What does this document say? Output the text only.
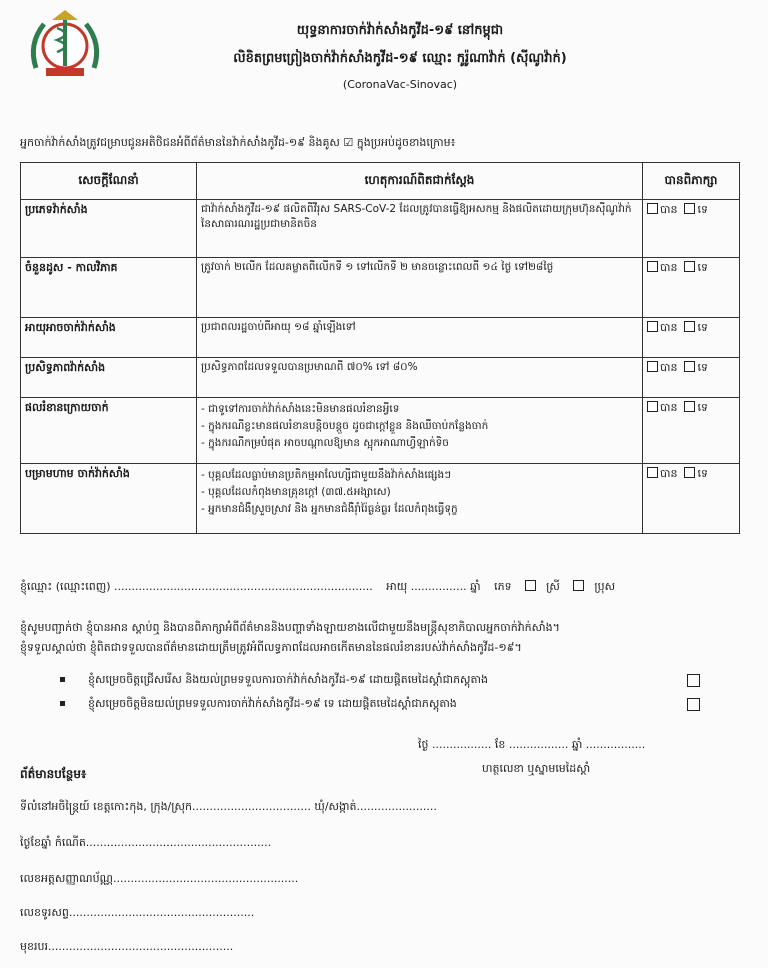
យុទ្ធនាការចាក់វ៉ាក់សាំងកូវីដ-១៩ នៅកម្ពុជា
លិខិតព្រមព្រៀងចាក់វ៉ាក់សាំងកូវីដ-១៩ ឈ្មោះ កូរ៉ូណាវ៉ាក់ (ស៊ីណូវ៉ាក់)
(CoronaVac-Sinovac)
អ្នកចាក់វ៉ាក់សាំងត្រូវជម្រាបជូនអតិថិជនអំពីព័ត៌មាននៃវ៉ាក់សាំងកូវីដ-១៩ និងគូស ☑ ក្នុងប្រអប់ដូចខាងក្រោម៖
សេចក្តីណែនាំ	ហេតុការណ៍ពិតជាក់ស្តែង	បានពិភាក្សា
ប្រភេទវ៉ាក់សាំង	ជាវ៉ាក់សាំងកូវីដ-១៩ ផលិតពីវីរុស SARS-CoV-2 ដែលត្រូវបានធ្វើឱ្យអសកម្ម និងផលិតដោយក្រុមហ៊ុនស៊ីណូវ៉ាក់ នៃសាធារណរដ្ឋប្រជាមានិតចិន	បាន ទេ
ចំនួនដូស - កាលវិភាគ	ត្រូវចាក់ ២លើក ដែលគម្លាតពីលើកទី ១ ទៅលើកទី ២ មានចន្លោះពេលពី ១៤ ថ្ងៃ ទៅ២៨ថ្ងៃ	បាន ទេ
អាយុអាចចាក់វ៉ាក់សាំង	ប្រជាពលរដ្ឋចាប់ពីអាយុ ១៨ ឆ្នាំឡើងទៅ	បាន ទេ
ប្រសិទ្ធភាពវ៉ាក់សាំង	ប្រសិទ្ធភាពដែលទទួលបានប្រមាណពី ៧០% ទៅ ៨០%	បាន ទេ
ផលរំខានក្រោយចាក់	- ជាទូទៅការចាក់វ៉ាក់សាំងនេះមិនមានផលរំខានអ្វីទេ
- ក្នុងករណីខ្លះមានផលរំខានបន្តិចបន្តួច ដូចជាក្តៅខ្លួន និងឈឺចាប់កន្លែងចាក់
- ក្នុងករណីកម្របំផុត អាចបណ្តាលឱ្យមាន ស្អុកអាណាហ្វីឡាក់ទិច	បាន ទេ
បម្រាមហាម ចាក់វ៉ាក់សាំង	- បុគ្គលដែលធ្លាប់មានប្រតិកម្មអាលែហ្សីជាមួយនឹងវ៉ាក់សាំងផ្សេងៗ
- បុគ្គលដែលកំពុងមានគ្រុនក្តៅ (៣៧.៥អង្សាសេ)
- អ្នកមានជំងឺស្រួចស្រាវ និង អ្នកមានជំងឺរ៉ាំរ៉ៃធ្ងន់ធ្ងរ ដែលកំពុងធ្វើទុក្ខ	បាន ទេ
ខ្ញុំឈ្មោះ (ឈ្មោះពេញ) .......................................................................... អាយុ ................ ឆ្នាំ ភេទ	ស្រី	ប្រុស
ខ្ញុំសូមបញ្ជាក់ថា ខ្ញុំបានអាន ស្តាប់ឮ និងបានពិភាក្សាអំពីព័ត៌មាននិងបញ្ហាទាំងឡាយខាងលើជាមួយនឹងមន្ត្រីសុខាភិបាលអ្នកចាក់វ៉ាក់សាំង។
ខ្ញុំទទួលស្គាល់ថា ខ្ញុំពិតជាទទួលបានព័ត៌មានដោយត្រឹមត្រូវអំពីលទ្ធភាពដែលអាចកើតមាននៃផលរំខានរបស់វ៉ាក់សាំងកូវីដ-១៩។
ខ្ញុំសម្រេចចិត្តជ្រើសរើស និងយល់ព្រមទទួលការចាក់វ៉ាក់សាំងកូវីដ-១៩ ដោយផ្តិតមេដៃស្តាំជាភស្តុតាង
ខ្ញុំសម្រេចចិត្តមិនយល់ព្រមទទួលការចាក់វ៉ាក់សាំងកូវីដ-១៩ ទេ ដោយផ្តិតមេដៃស្តាំជាភស្តុតាង
ថ្ងៃ ................. ខែ ................. ឆ្នាំ .................
ហត្ថលេខា ឬស្នាមមេដៃស្តាំ
ព័ត៌មានបន្ថែម៖
ទីលំនៅអចិន្ត្រៃយ៍ ខេត្តកោះកុង, ក្រុង/ស្រុក.................................. ឃុំ/សង្កាត់.......................
ថ្ងៃខែឆ្នាំ កំណើត.....................................................
លេខអត្តសញ្ញាណប័ណ្ណ.....................................................
លេខទូរសព្ទ.....................................................
មុខរបរ.....................................................
